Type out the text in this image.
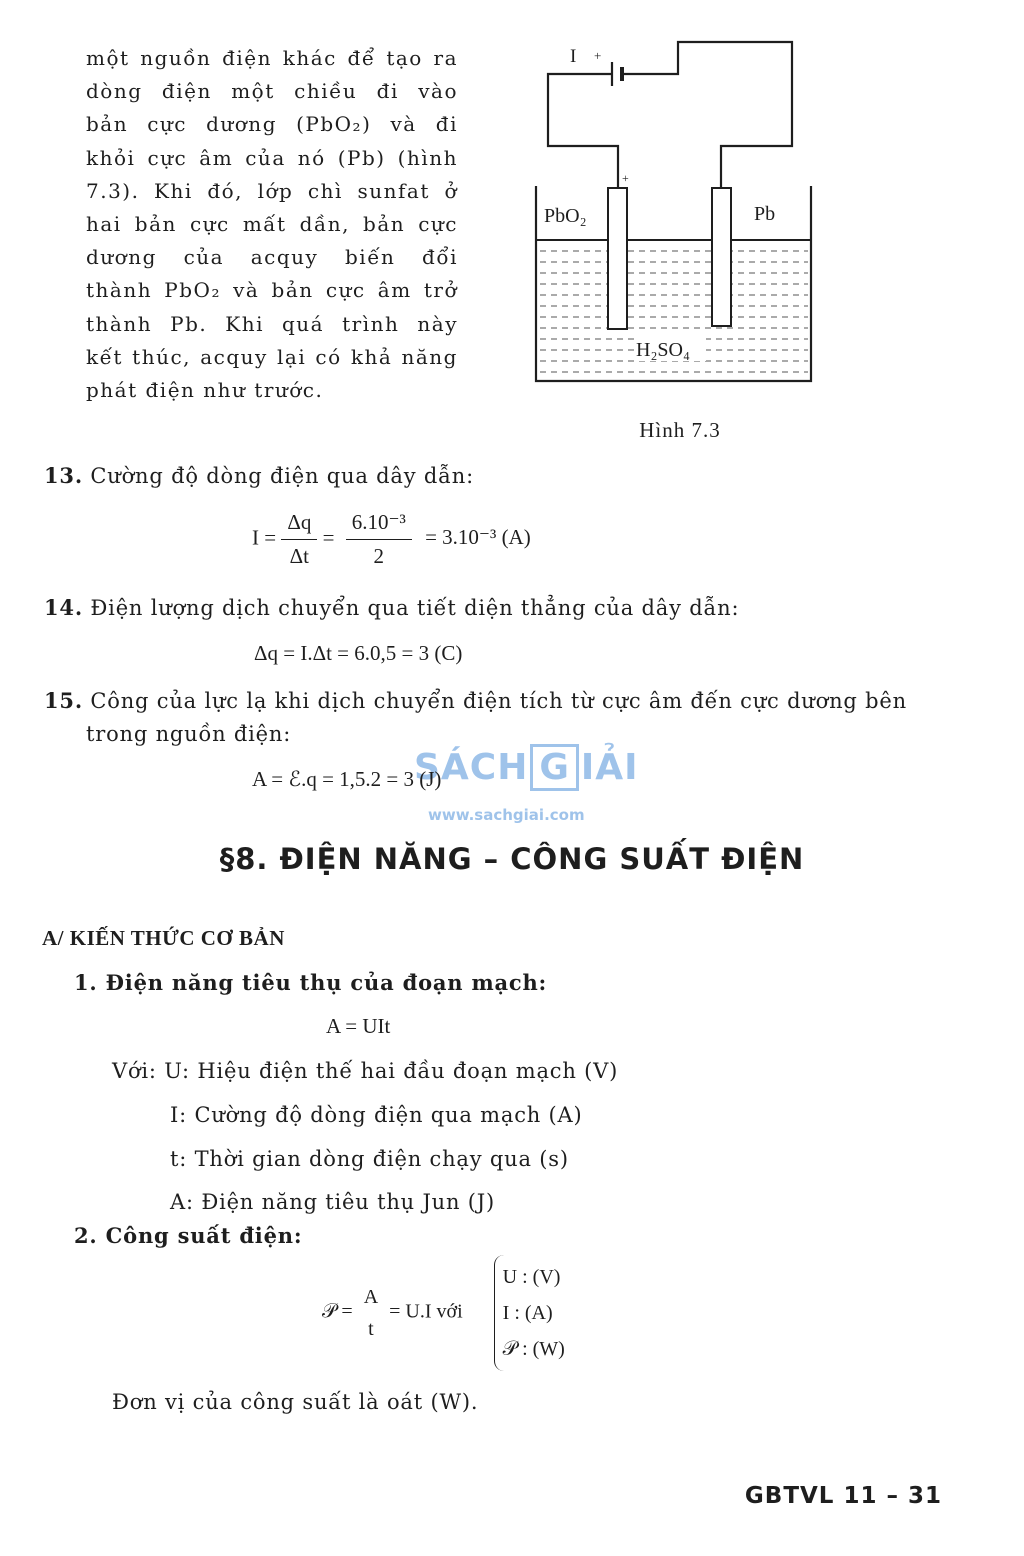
một nguồn điện khác để tạo ra
dòng điện một chiều đi vào
bản cực dương (PbO₂) và đi
khỏi cực âm của nó (Pb) (hình
7.3). Khi đó, lớp chì sunfat ở
hai bản cực mất dần, bản cực
dương của acquy biến đổi
thành PbO₂ và bản cực âm trở
thành Pb. Khi quá trình này
kết thúc, acquy lại có khả năng
phát điện như trước.
I +
+
PbO₂	Pb
H₂SO₄
Hình 7.3
13. Cường độ dòng điện qua dây dẫn:
$I = \frac{\Delta q}{\Delta t} = \frac{\text{6.10⁻³}}{2} = 3.10^{-3}$ (A)
14. Điện lượng dịch chuyển qua tiết diện thẳng của dây dẫn:
Δq = I.Δt = 6.0,5 = 3 (C)
15. Công của lực lạ khi dịch chuyển điện tích từ cực âm đến cực dương bên
trong nguồn điện:
SÁCH G IẢI
www.sachgiai.com
A = ℰ.q = 1,5.2 = 3 (J)
§8. ĐIỆN NĂNG – CÔNG SUẤT ĐIỆN
A/ KIẾN THỨC CƠ BẢN
1. Điện năng tiêu thụ của đoạn mạch:
A = UIt
Với: U: Hiệu điện thế hai đầu đoạn mạch (V)
I: Cường độ dòng điện qua mạch (A)
t: Thời gian dòng điện chạy qua (s)
A: Điện năng tiêu thụ Jun (J)
2. Công suất điện:
𝒫 = $\frac{A}{t} = U.I$ với
U : (V)
I : (A)
𝒫 : (W)
Đơn vị của công suất là oát (W).
GBTVL 11 – 31
